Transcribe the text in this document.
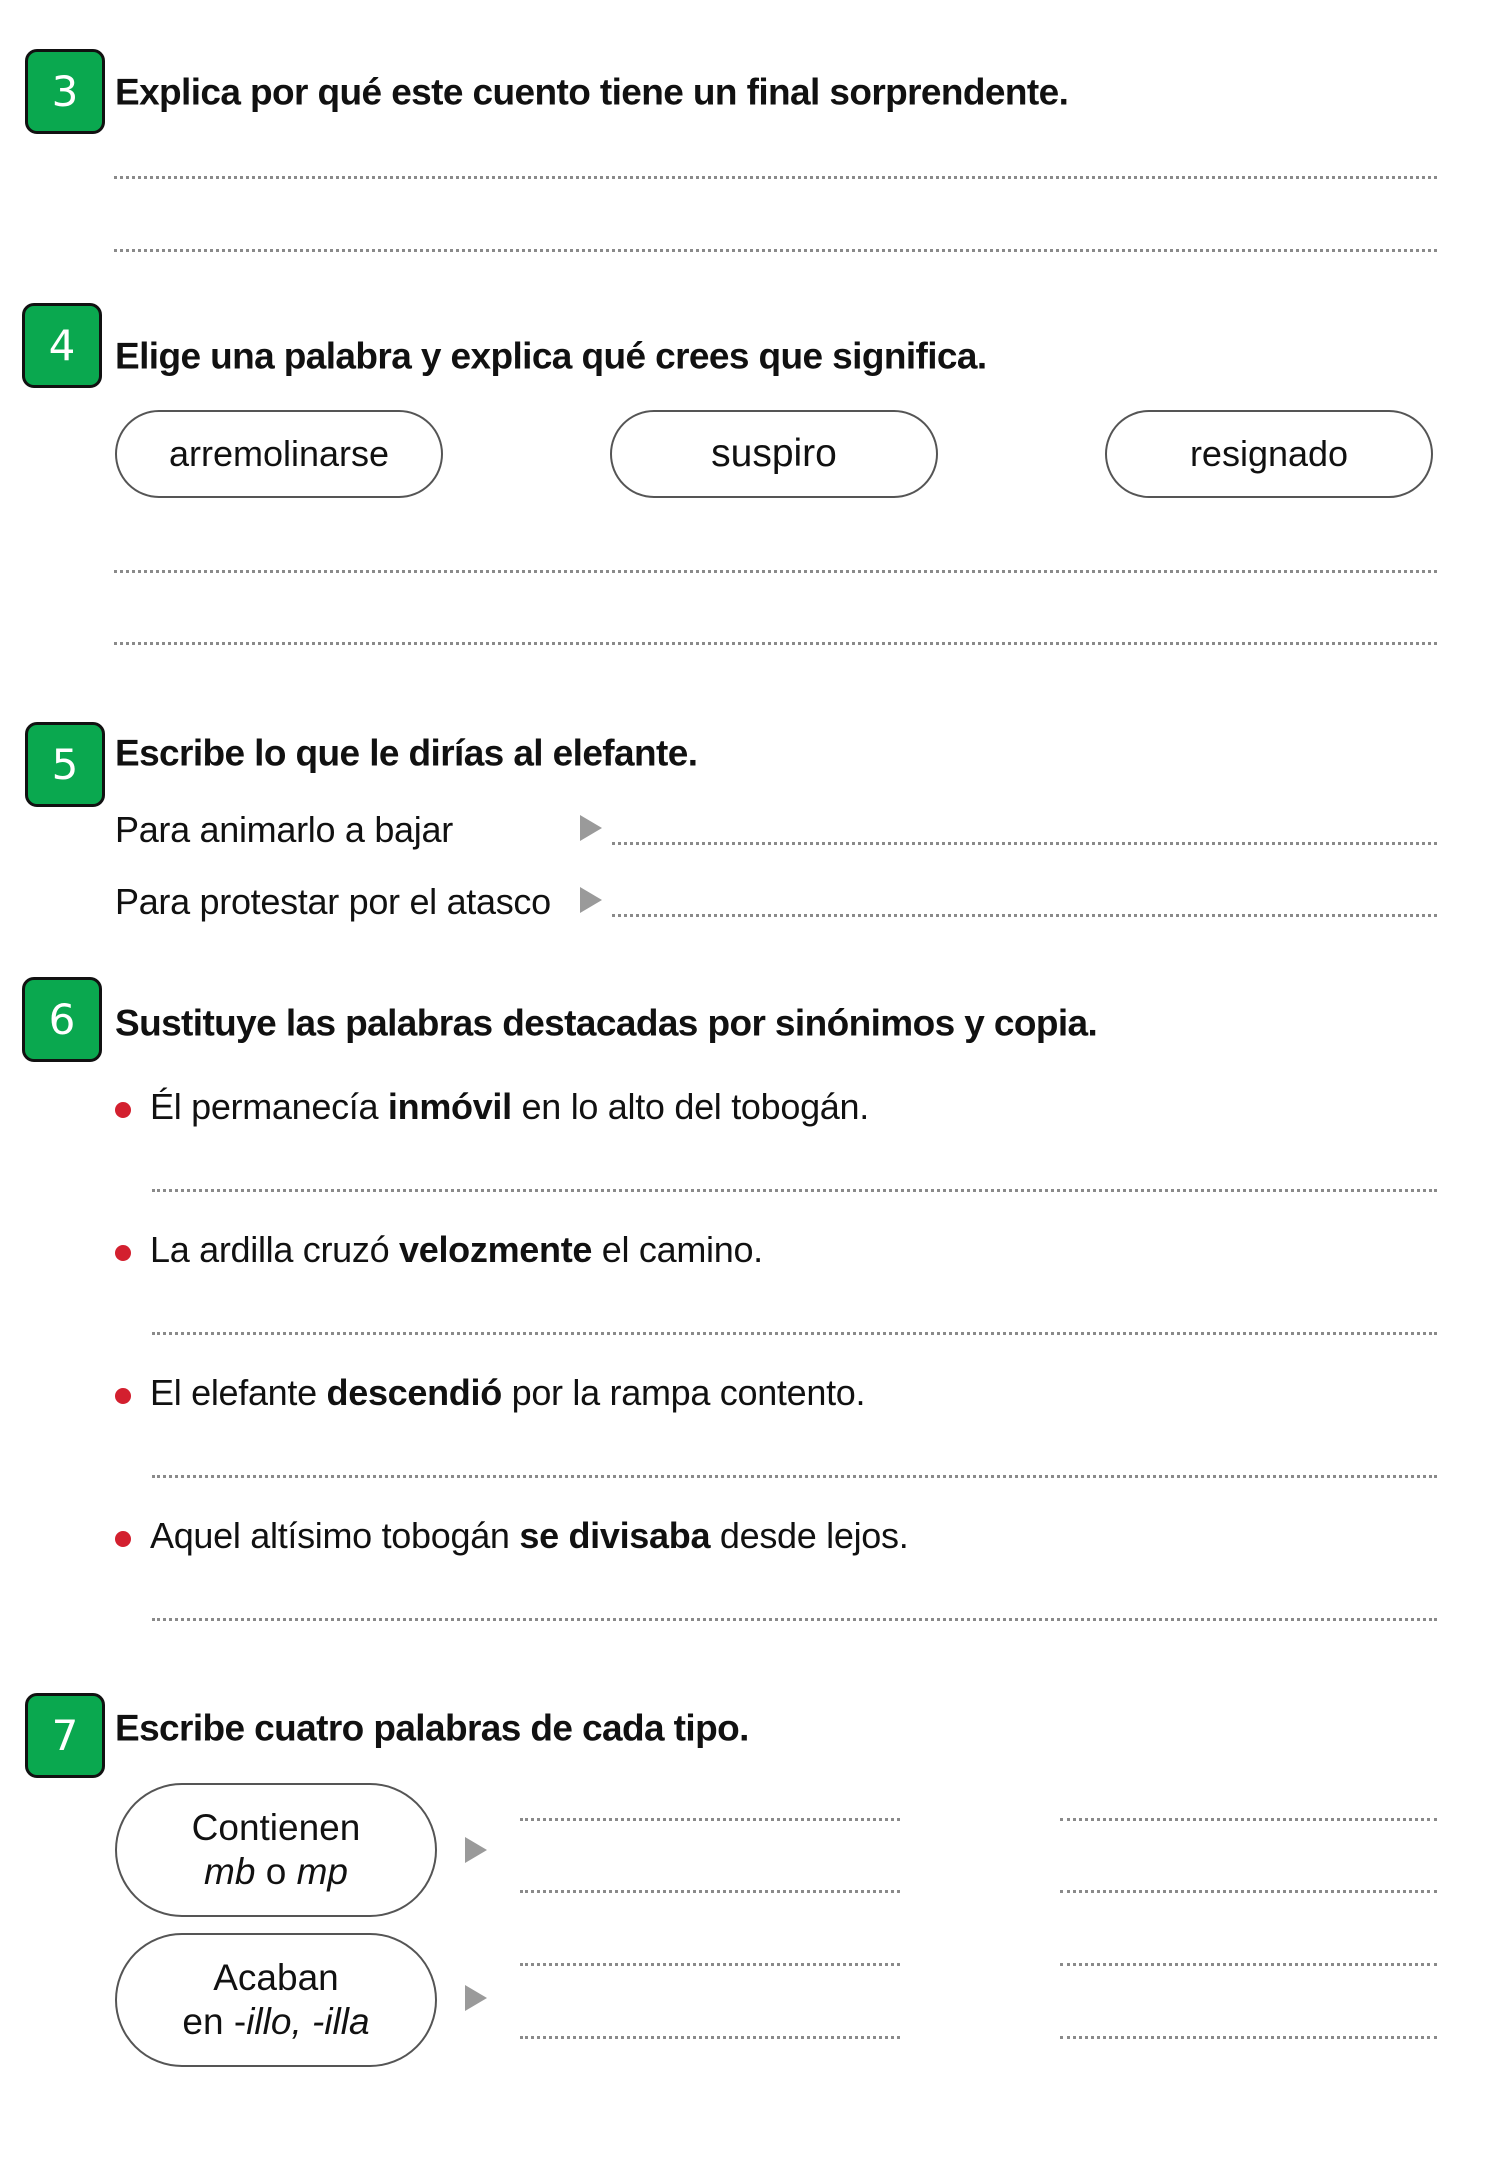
3 Explica por qué este cuento tiene un final sorprendente.
4	Elige una palabra y explica qué crees que significa.
arremolinarse	suspiro	resignado
5 Escribe lo que le dirías al elefante.
Para animarlo a bajar
Para protestar por el atasco
6	Sustituye las palabras destacadas por sinónimos y copia.
Él permanecía inmóvil en lo alto del tobogán.
La ardilla cruzó velozmente el camino.
El elefante descendió por la rampa contento.
Aquel altísimo tobogán se divisaba desde lejos.
7 Escribe cuatro palabras de cada tipo.
Contienen
mb o mp
Acaban
en -illo, -illa
